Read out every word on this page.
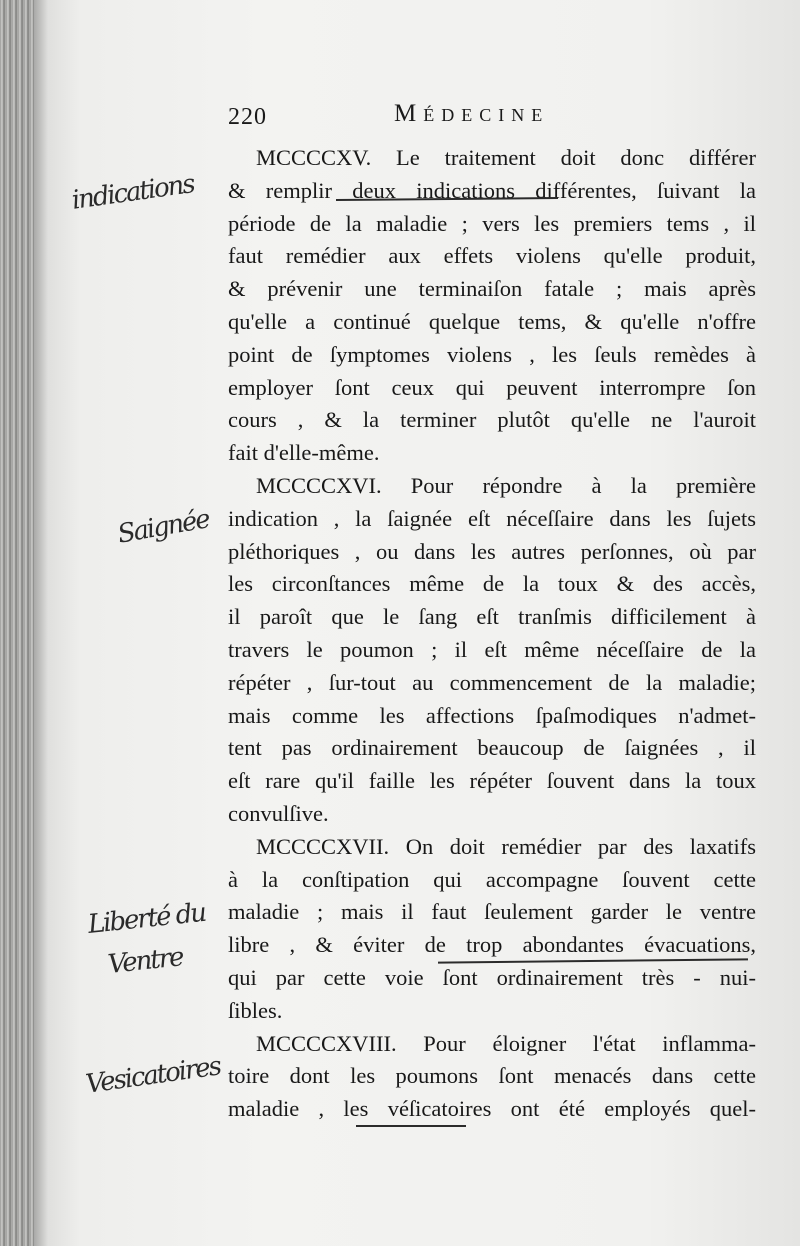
220	Médecine
MCCCCXV. Le traitement doit donc différer
& remplir deux indications différentes, ſuivant la
période de la maladie ; vers les premiers tems , il
faut remédier aux effets violens qu'elle produit,
& prévenir une terminaiſon fatale ; mais après
qu'elle a continué quelque tems, & qu'elle n'offre
point de ſymptomes violens , les ſeuls remèdes à
employer ſont ceux qui peuvent interrompre ſon
cours , & la terminer plutôt qu'elle ne l'auroit
fait d'elle-même.
MCCCCXVI. Pour répondre à la première
indication , la ſaignée eſt néceſſaire dans les ſujets
pléthoriques , ou dans les autres perſonnes, où par
les circonſtances même de la toux & des accès,
il paroît que le ſang eſt tranſmis difficilement à
travers le poumon ; il eſt même néceſſaire de la
répéter , ſur-tout au commencement de la maladie;
mais comme les affections ſpaſmodiques n'admet-
tent pas ordinairement beaucoup de ſaignées , il
eſt rare qu'il faille les répéter ſouvent dans la toux
convulſive.
MCCCCXVII. On doit remédier par des laxatifs
à la conſtipation qui accompagne ſouvent cette
maladie ; mais il faut ſeulement garder le ventre
libre , & éviter de trop abondantes évacuations,
qui par cette voie ſont ordinairement très - nui-
ſibles.
MCCCCXVIII. Pour éloigner l'état inflamma-
toire dont les poumons ſont menacés dans cette
maladie , les véſicatoires ont été employés quel-
indications
Saignée
Liberté du
Ventre
Vesicatoires
